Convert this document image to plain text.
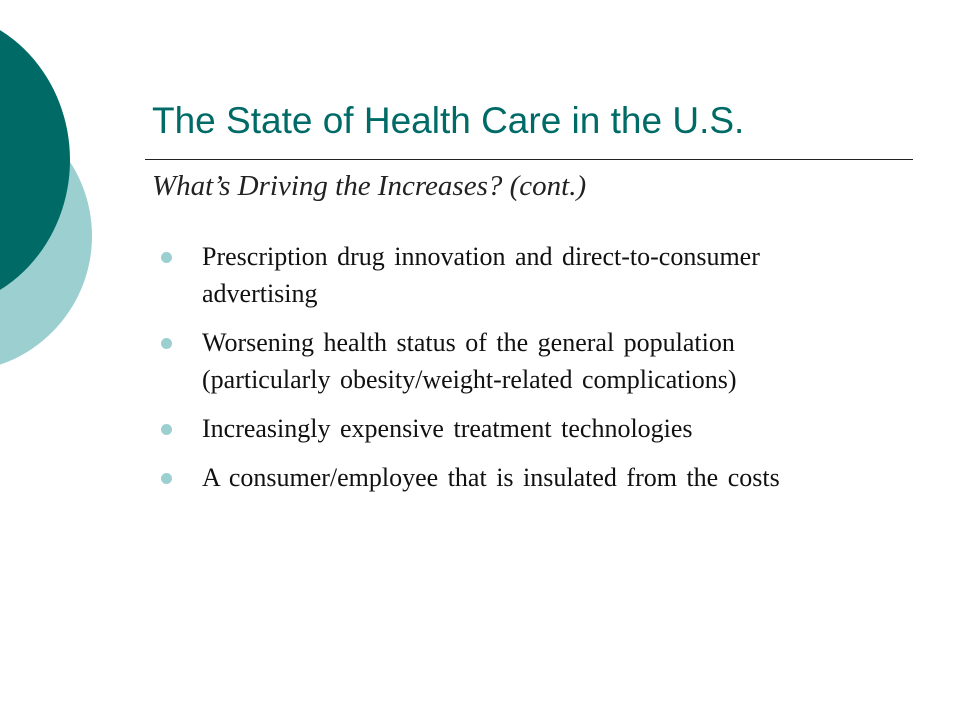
The State of Health Care in the U.S.
What’s Driving the Increases? (cont.)
Prescription drug innovation and direct-to-consumer advertising
Worsening health status of the general population (particularly obesity/weight-related complications)
Increasingly expensive treatment technologies
A consumer/employee that is insulated from the costs
